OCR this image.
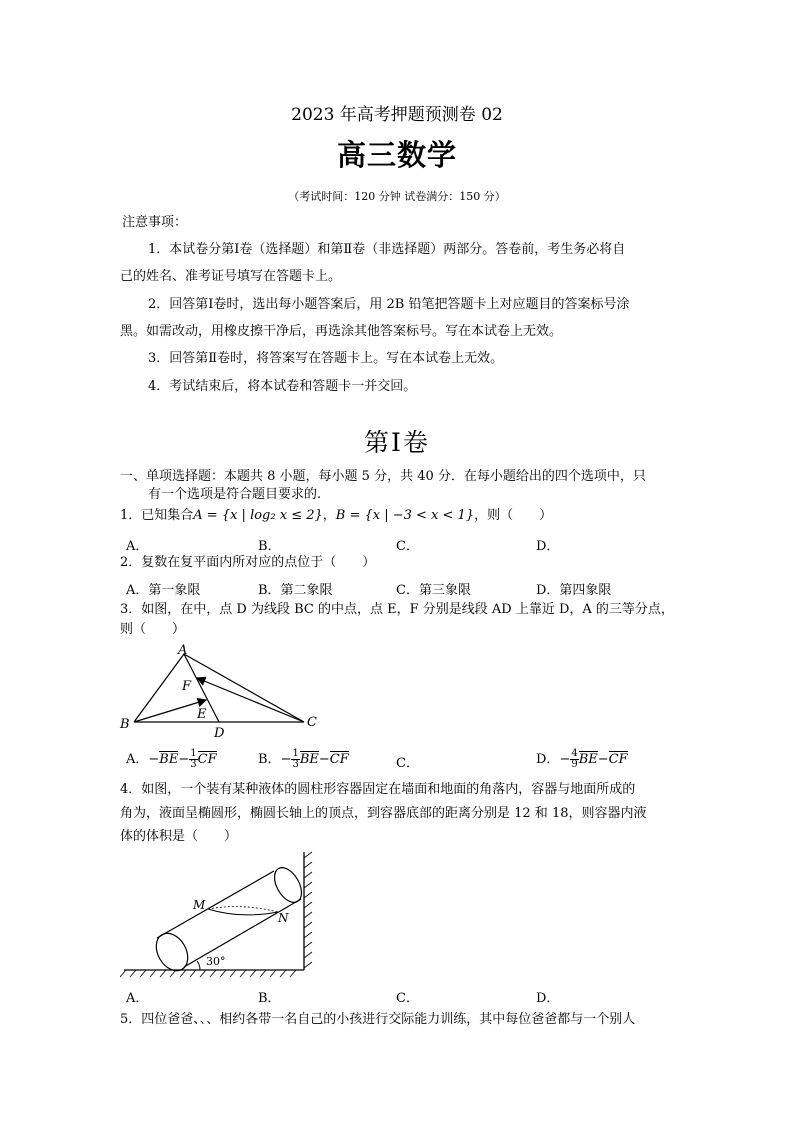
2023 年高考押题预测卷 02
高三数学
（考试时间：120 分钟 试卷满分：150 分）
注意事项：
1．本试卷分第Ⅰ卷（选择题）和第Ⅱ卷（非选择题）两部分。答卷前，考生务必将自
己的姓名、准考证号填写在答题卡上。
2．回答第Ⅰ卷时，选出每小题答案后，用 2B 铅笔把答题卡上对应题目的答案标号涂
黑。如需改动，用橡皮擦干净后，再选涂其他答案标号。写在本试卷上无效。
3．回答第Ⅱ卷时，将答案写在答题卡上。写在本试卷上无效。
4．考试结束后，将本试卷和答题卡一并交回。
第Ⅰ卷
一、单项选择题：本题共 8 小题，每小题 5 分，共 40 分．在每小题给出的四个选项中，只
有一个选项是符合题目要求的.
1．已知集合A = {x | log₂ x ≤ 2}，B = {x | −3 < x < 1}，则（　　）
A．	B．	C．	D．
2．复数在复平面内所对应的点位于（　　）
A．第一象限	B．第二象限	C．第三象限	D．第四象限
3．如图，在中，点 D 为线段 BC 的中点，点 E，F 分别是线段 AD 上靠近 D，A 的三等分点，
则（　　）
A
F
E
B
D
C
A．$-BE- \frac{1}{3}$ CF	B．− $\frac{1}{3} BE-CF$	C．	D．− $\frac{4}{9} BE-CF$
4．如图，一个装有某种液体的圆柱形容器固定在墙面和地面的角落内，容器与地面所成的
角为，液面呈椭圆形，椭圆长轴上的顶点，到容器底部的距离分别是 12 和 18，则容器内液
体的体积是（　　）
M
N
30°
A．	B．	C．	D．
5．四位爸爸、、、相约各带一名自己的小孩进行交际能力训练，其中每位爸爸都与一个别人
